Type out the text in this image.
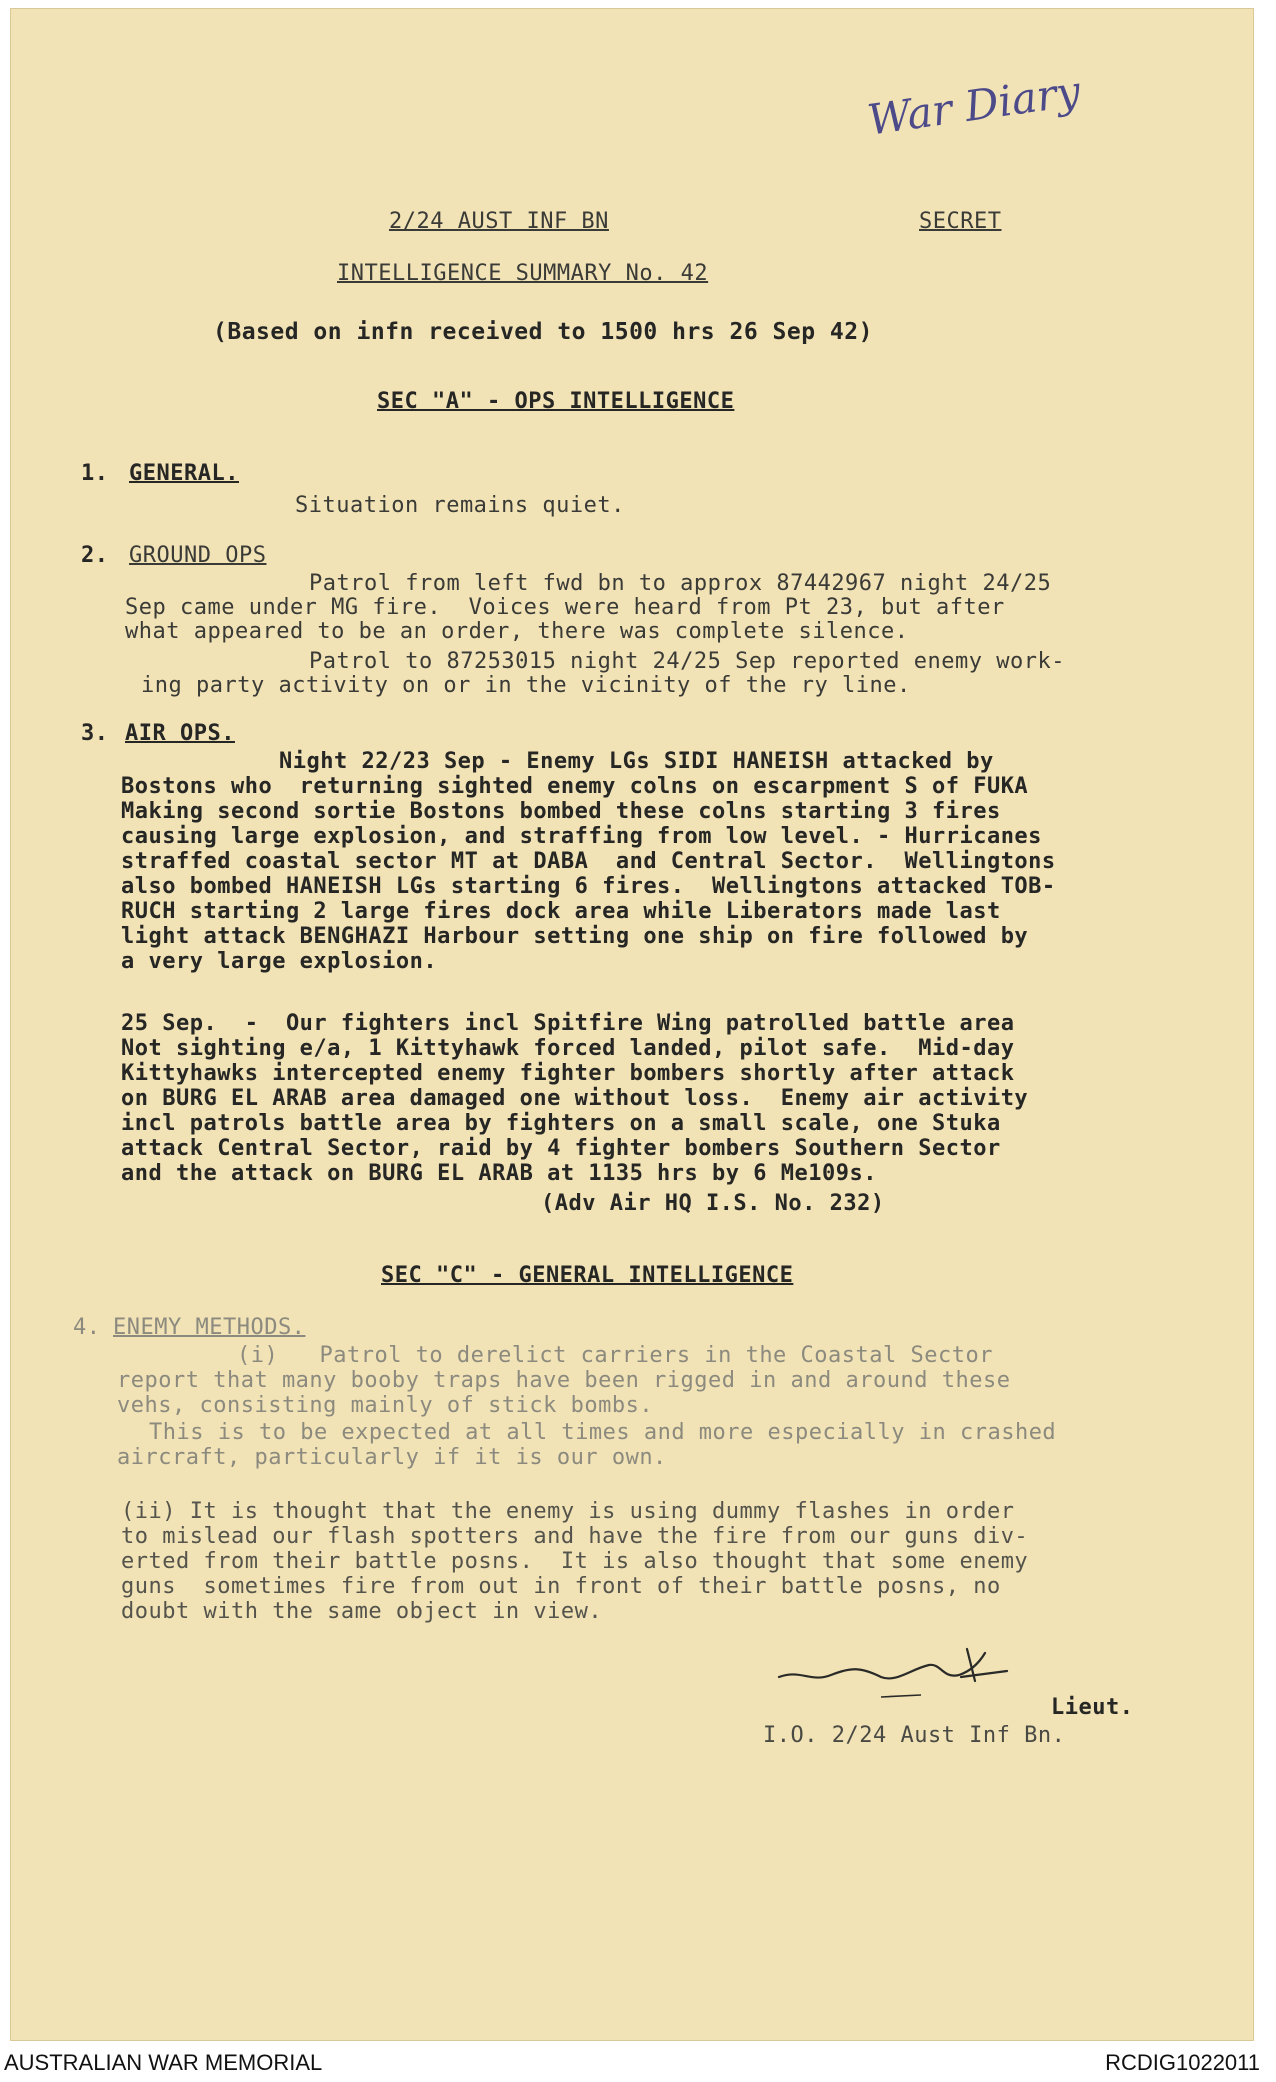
War Diary
2/24 AUST INF BN	SECRET
INTELLIGENCE SUMMARY No. 42
(Based on infn received to 1500 hrs 26 Sep 42)
SEC "A" - OPS INTELLIGENCE
1. GENERAL.
Situation remains quiet.
2. GROUND OPS
Patrol from left fwd bn to approx 87442967 night 24/25
Sep came under MG fire.  Voices were heard from Pt 23, but after
what appeared to be an order, there was complete silence.
Patrol to 87253015 night 24/25 Sep reported enemy work-
ing party activity on or in the vicinity of the ry line.
3. AIR OPS.
Night 22/23 Sep - Enemy LGs SIDI HANEISH attacked by
Bostons who  returning sighted enemy colns on escarpment S of FUKA
Making second sortie Bostons bombed these colns starting 3 fires
causing large explosion, and straffing from low level. - Hurricanes
straffed coastal sector MT at DABA  and Central Sector.  Wellingtons
also bombed HANEISH LGs starting 6 fires.  Wellingtons attacked TOB-
RUCH starting 2 large fires dock area while Liberators made last
light attack BENGHAZI Harbour setting one ship on fire followed by
a very large explosion.
25 Sep.  -  Our fighters incl Spitfire Wing patrolled battle area
Not sighting e/a, 1 Kittyhawk forced landed, pilot safe.  Mid-day
Kittyhawks intercepted enemy fighter bombers shortly after attack
on BURG EL ARAB area damaged one without loss.  Enemy air activity
incl patrols battle area by fighters on a small scale, one Stuka
attack Central Sector, raid by 4 fighter bombers Southern Sector
and the attack on BURG EL ARAB at 1135 hrs by 6 Me109s.
(Adv Air HQ I.S. No. 232)
SEC "C" - GENERAL INTELLIGENCE
4. ENEMY METHODS.
(i)   Patrol to derelict carriers in the Coastal Sector
report that many booby traps have been rigged in and around these
vehs, consisting mainly of stick bombs.
This is to be expected at all times and more especially in crashed
aircraft, particularly if it is our own.
(ii) It is thought that the enemy is using dummy flashes in order
to mislead our flash spotters and have the fire from our guns div-
erted from their battle posns.  It is also thought that some enemy
guns  sometimes fire from out in front of their battle posns, no
doubt with the same object in view.
Lieut.
I.O. 2/24 Aust Inf Bn.
AUSTRALIAN WAR MEMORIAL	RCDIG1022011
